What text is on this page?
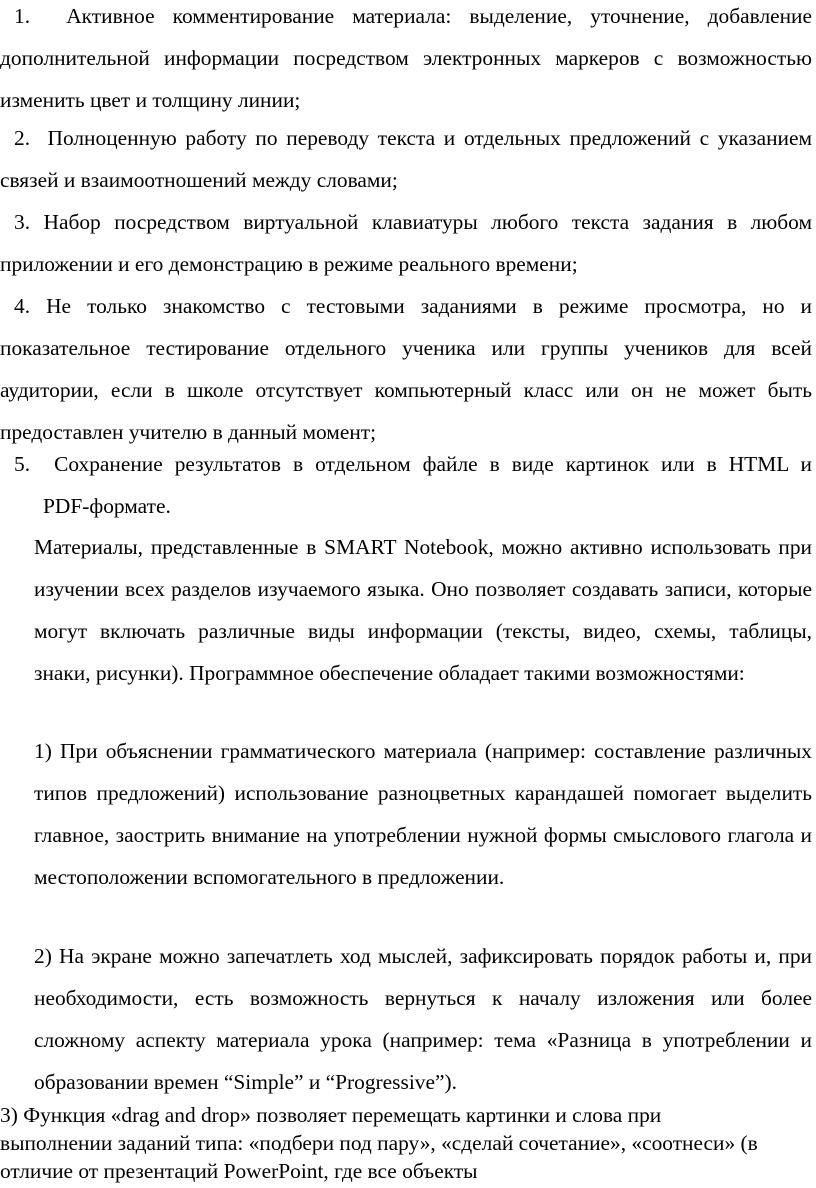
1. Активное комментирование материала: выделение, уточнение, добавление дополнительной информации посредством электронных маркеров с возможностью изменить цвет и толщину линии;

2. Полноценную работу по переводу текста и отдельных предложений с указанием связей и взаимоотношений между словами;

3. Набор посредством виртуальной клавиатуры любого текста задания в любом приложении и его демонстрацию в режиме реального времени;

4. Не только знакомство с тестовыми заданиями в режиме просмотра, но и показательное тестирование отдельного ученика или группы учеников для всей аудитории, если в школе отсутствует компьютерный класс или он не может быть предоставлен учителю в данный момент;

5. Сохранение результатов в отдельном файле в виде картинок или в HTML и

PDF-формате.

Материалы, представленные в SMART Notebook, можно активно использовать при изучении всех разделов изучаемого языка. Оно позволяет создавать записи, которые могут включать различные виды информации (тексты, видео, схемы, таблицы, знаки, рисунки). Программное обеспечение обладает такими возможностями:

1) При объяснении грамматического материала (например: составление различных типов предложений) использование разноцветных карандашей помогает выделить главное, заострить внимание на употреблении нужной формы смыслового глагола и местоположении вспомогательного в предложении.

2) На экране можно запечатлеть ход мыслей, зафиксировать порядок работы и, при необходимости, есть возможность вернуться к началу изложения или более сложному аспекту материала урока (например: тема «Разница в употреблении и образовании времен “Simple” и “Progressive”).

3) Функция «drag and drop» позволяет перемещать картинки и слова при выполнении заданий типа: «подбери под пару», «сделай сочетание», «соотнеси» (в отличие от презентаций PowerPoint, где все объекты
